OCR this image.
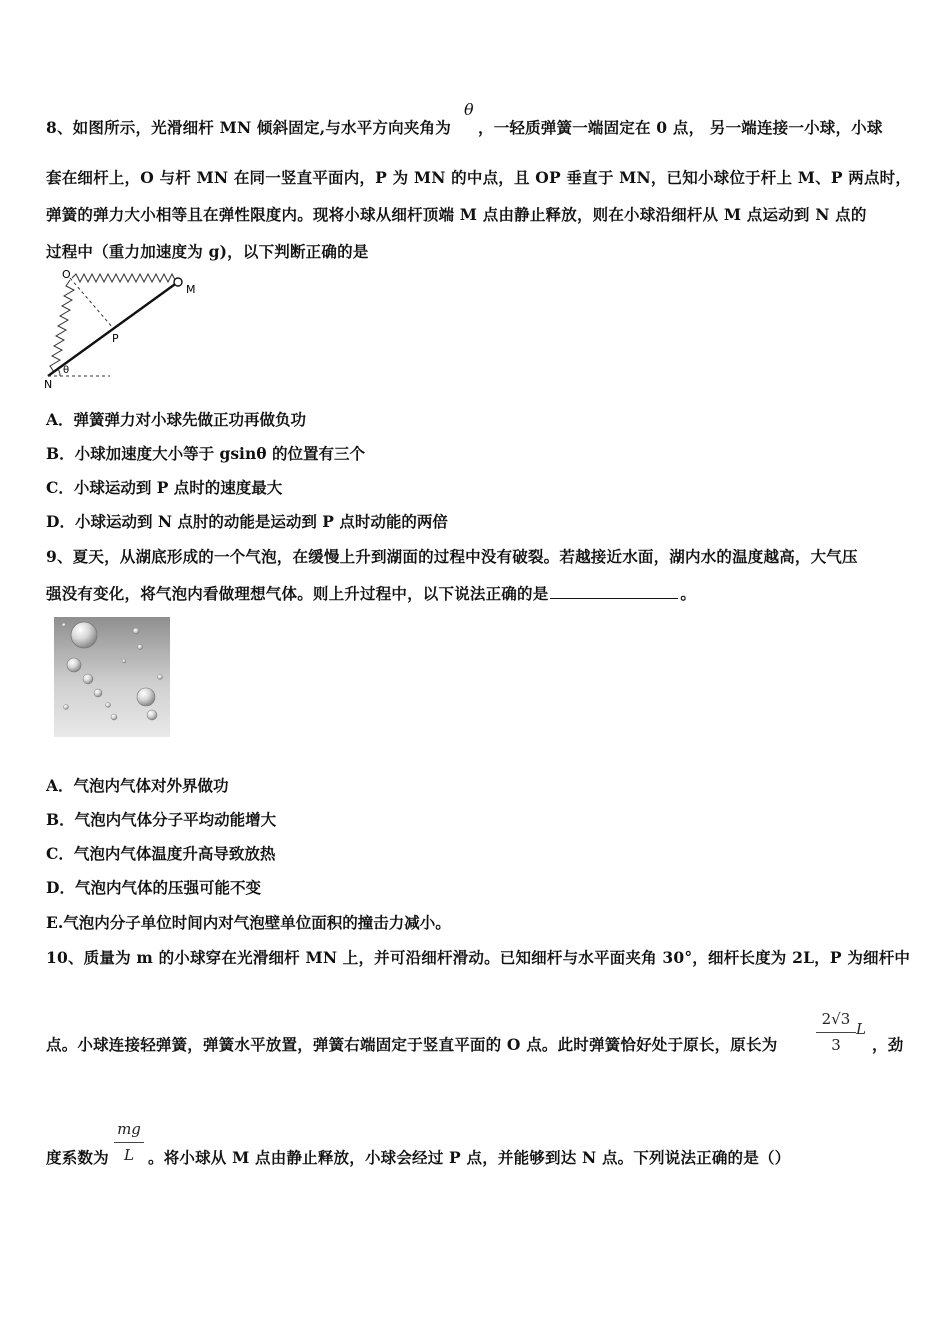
8、如图所示，光滑细杆 MN 倾斜固定,与水平方向夹角为
θ
，一轻质弹簧一端固定在 0 点， 另一端连接一小球，小球
套在细杆上，O 与杆 MN 在同一竖直平面内，P 为 MN 的中点，且 OP 垂直于 MN，已知小球位于杆上 M、P 两点时，
弹簧的弹力大小相等且在弹性限度内。现将小球从细杆顶端 M 点由静止释放，则在小球沿细杆从 M 点运动到 N 点的
过程中（重力加速度为 g)，以下判断正确的是
O
M
P
N
θ
A．弹簧弹力对小球先做正功再做负功
B．小球加速度大小等于 gsinθ 的位置有三个
C．小球运动到 P 点时的速度最大
D．小球运动到 N 点肘的动能是运动到 P 点时动能的两倍
9、夏天，从湖底形成的一个气泡，在缓慢上升到湖面的过程中没有破裂。若越接近水面，湖内水的温度越高，大气压
强没有变化，将气泡内看做理想气体。则上升过程中，以下说法正确的是	。
A．气泡内气体对外界做功
B．气泡内气体分子平均动能增大
C．气泡内气体温度升高导致放热
D．气泡内气体的压强可能不变
E.气泡内分子单位时间内对气泡壁单位面积的撞击力减小。
10、质量为 m 的小球穿在光滑细杆 MN 上，并可沿细杆滑动。已知细杆与水平面夹角 30°，细杆长度为 2L，P 为细杆中
点。小球连接轻弹簧，弹簧水平放置，弹簧右端固定于竖直平面的 O 点。此时弹簧恰好处于原长，原长为
2√3
3
L
，劲
度系数为
mg
L 。将小球从 M 点由静止释放，小球会经过 P 点，并能够到达 N 点。下列说法正确的是（）
